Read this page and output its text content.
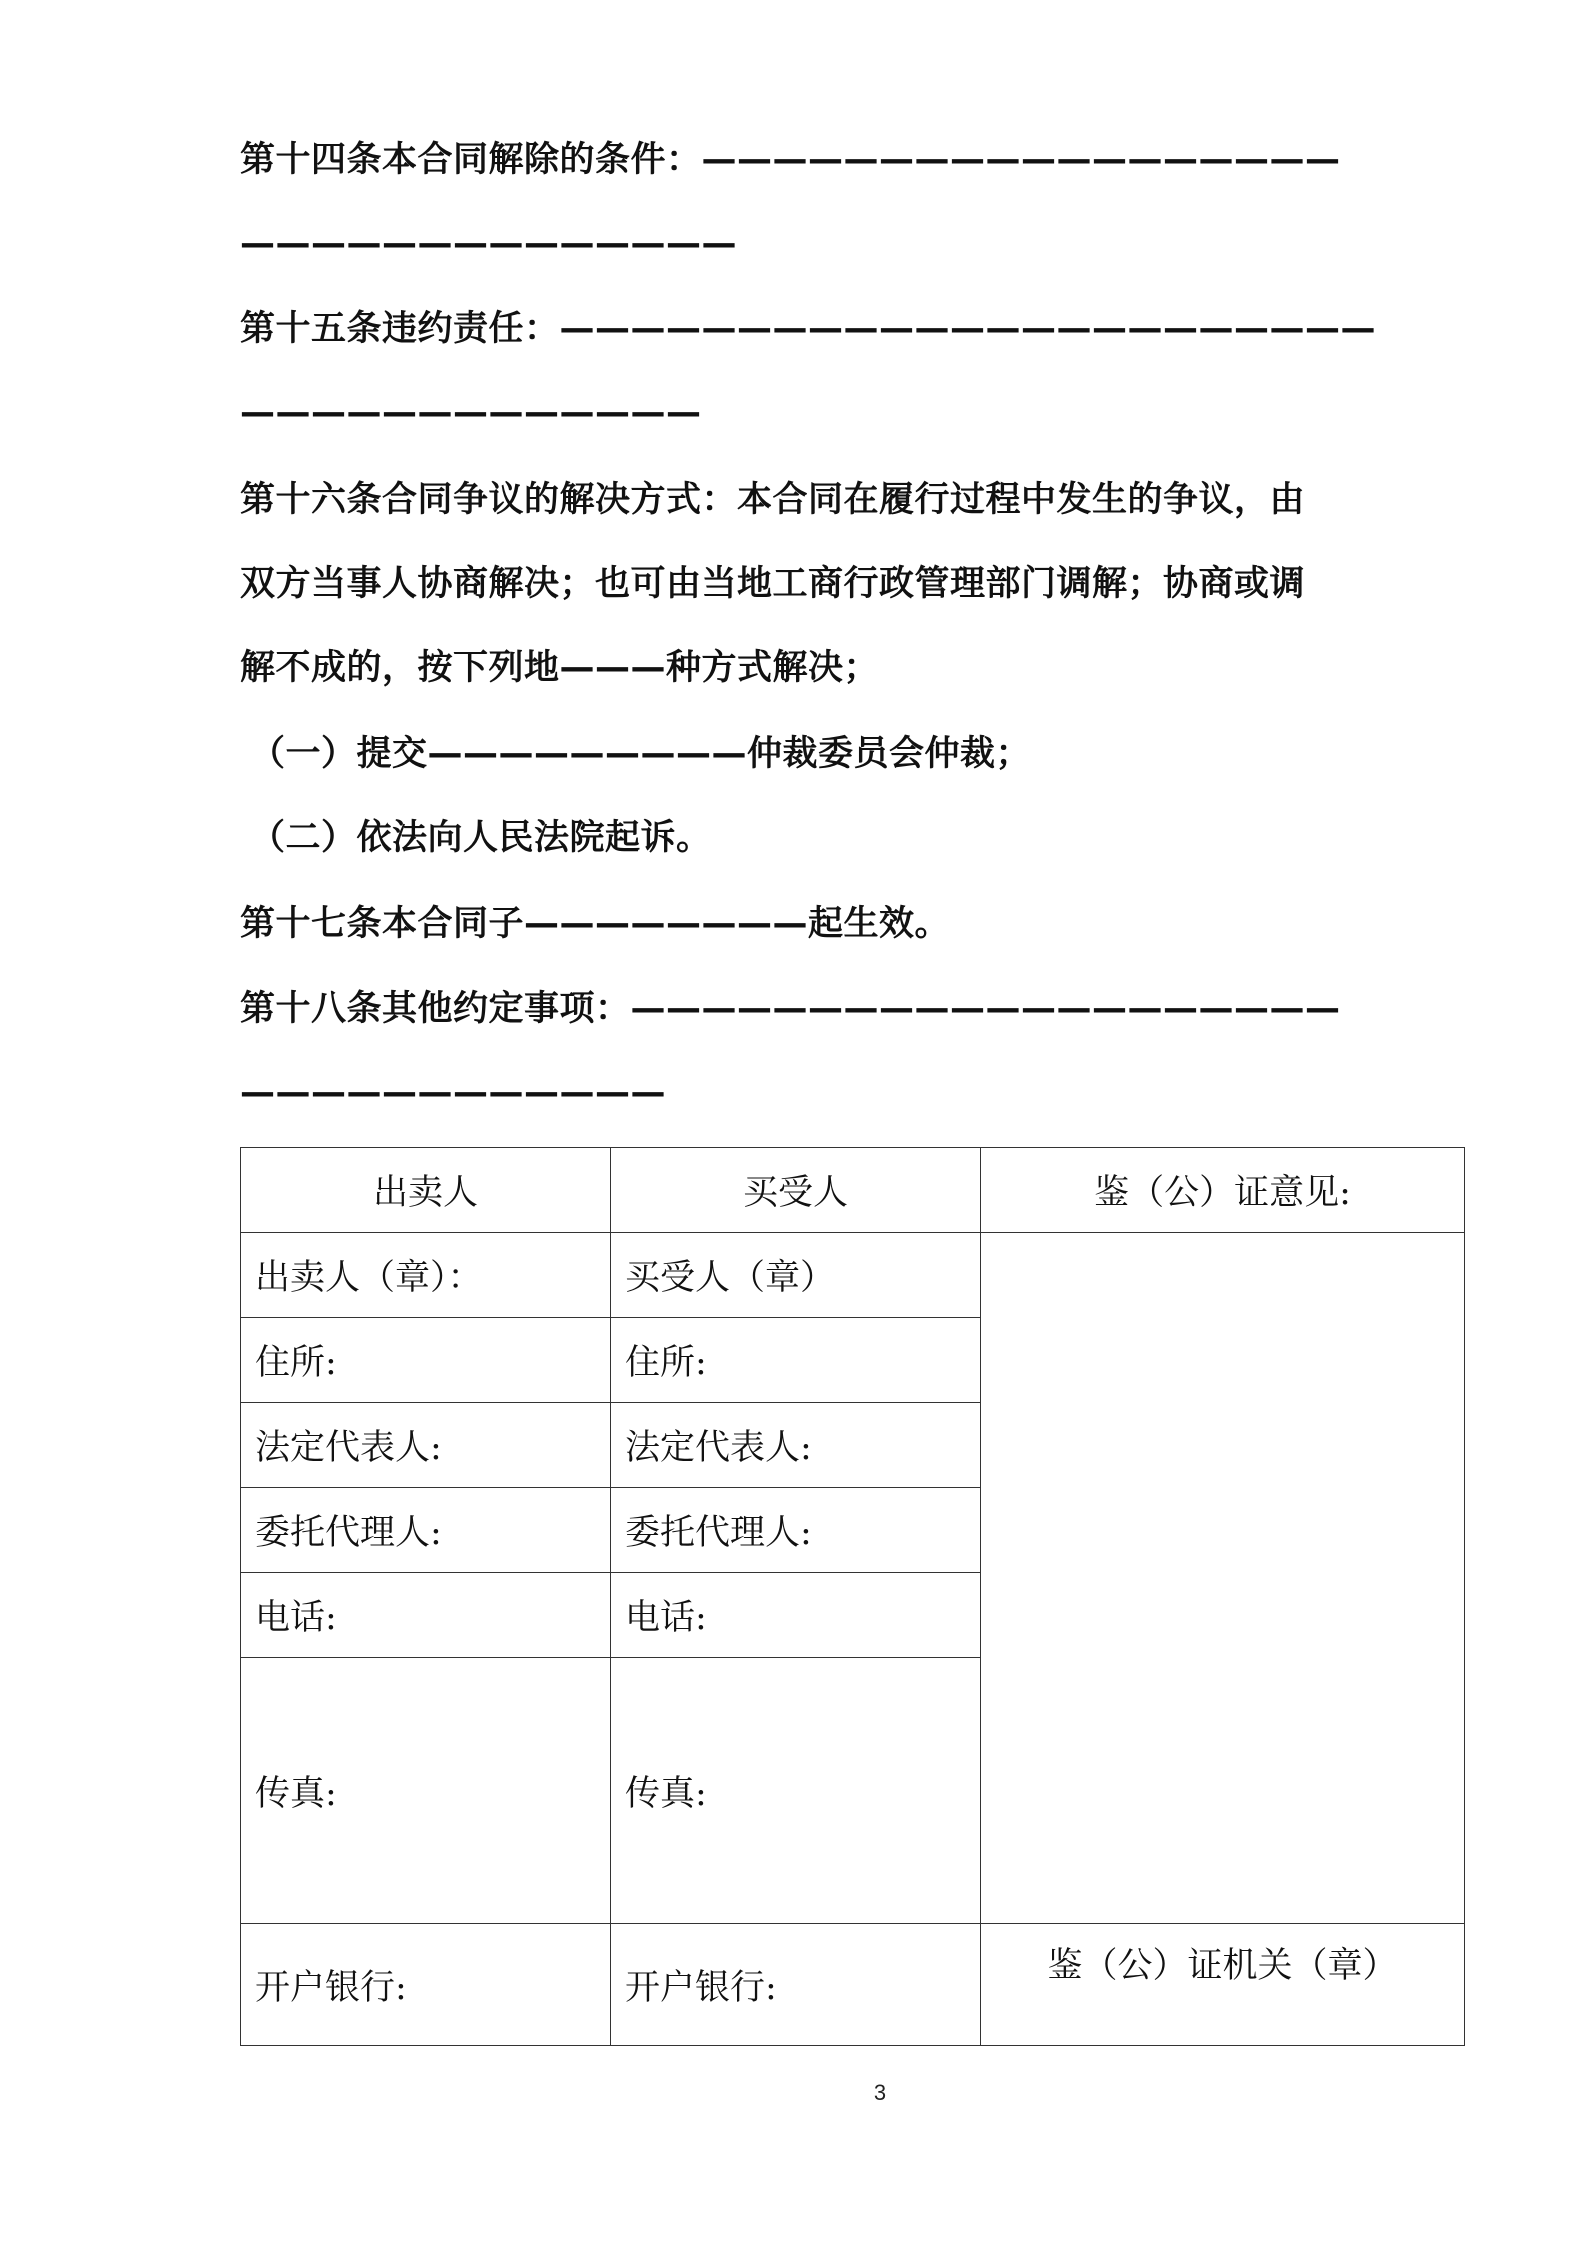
第十四条本合同解除的条件：——————————————————
——————————————
第十五条违约责任：———————————————————————
—————————————
第十六条合同争议的解决方式：本合同在履行过程中发生的争议，由
双方当事人协商解决；也可由当地工商行政管理部门调解；协商或调
解不成的，按下列地———种方式解决；
（一）提交—————————仲裁委员会仲裁；
（二）依法向人民法院起诉。
第十七条本合同子————————起生效。
第十八条其他约定事项：————————————————————
————————————
出卖人	买受人	鉴（公）证意见:
出卖人（章）：	买受人（章）	
住所:	住所:	
法定代表人:	法定代表人:	
委托代理人:	委托代理人:	
电话:	电话:	
传真:	传真:	
开户银行:	开户银行:	鉴（公）证机关（章）
3
